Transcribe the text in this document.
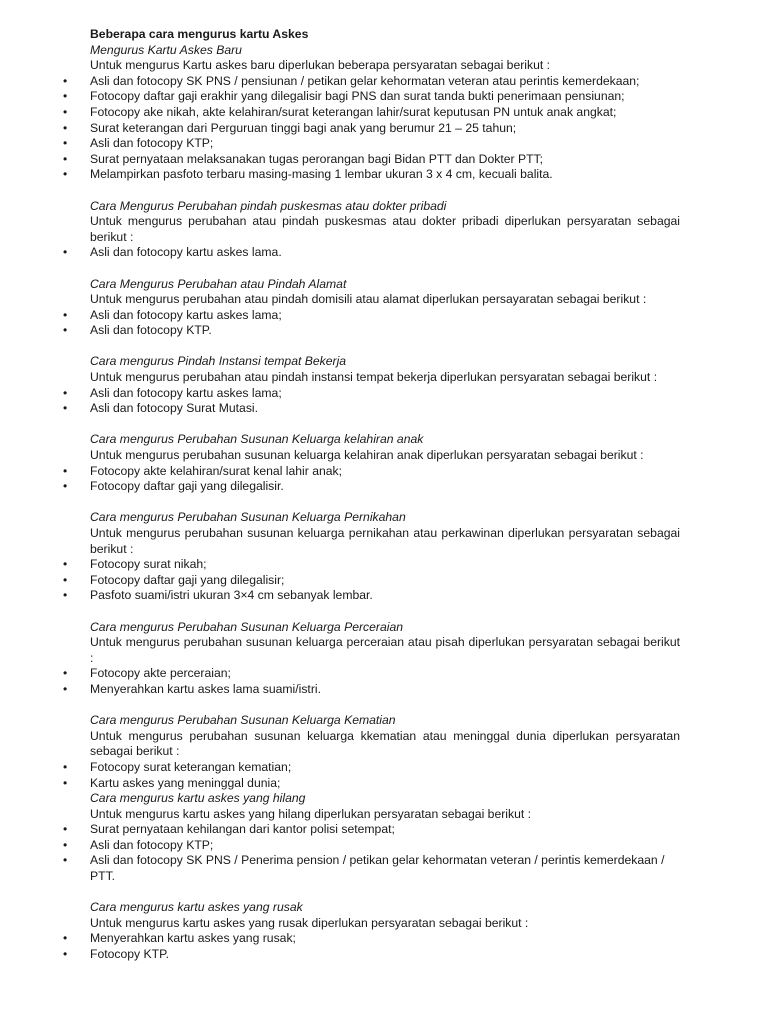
Beberapa cara mengurus kartu Askes
Mengurus Kartu Askes Baru
Untuk mengurus Kartu askes baru diperlukan beberapa persyaratan sebagai berikut :
• Asli dan fotocopy SK PNS / pensiunan / petikan gelar kehormatan veteran atau perintis kemerdekaan;
• Fotocopy daftar gaji erakhir yang dilegalisir bagi PNS dan surat tanda bukti penerimaan pensiunan;
• Fotocopy ake nikah, akte kelahiran/surat keterangan lahir/surat keputusan PN untuk anak angkat;
• Surat keterangan dari Perguruan tinggi bagi anak yang berumur 21 – 25 tahun;
• Asli dan fotocopy KTP;
• Surat pernyataan melaksanakan tugas perorangan bagi Bidan PTT dan Dokter PTT;
• Melampirkan pasfoto terbaru masing-masing 1 lembar ukuran 3 x 4 cm, kecuali balita.
Cara Mengurus Perubahan pindah puskesmas atau dokter pribadi
Untuk mengurus perubahan atau pindah puskesmas atau dokter pribadi diperlukan persyaratan sebagai berikut :
• Asli dan fotocopy kartu askes lama.
Cara Mengurus Perubahan atau Pindah Alamat
Untuk mengurus perubahan atau pindah domisili atau alamat diperlukan persayaratan sebagai berikut :
• Asli dan fotocopy kartu askes lama;
• Asli dan fotocopy KTP.
Cara mengurus Pindah Instansi tempat Bekerja
Untuk mengurus perubahan atau pindah instansi tempat bekerja diperlukan persyaratan sebagai berikut :
• Asli dan fotocopy kartu askes lama;
• Asli dan fotocopy Surat Mutasi.
Cara mengurus Perubahan Susunan Keluarga kelahiran anak
Untuk mengurus perubahan susunan keluarga kelahiran anak diperlukan persyaratan sebagai berikut :
• Fotocopy akte kelahiran/surat kenal lahir anak;
• Fotocopy daftar gaji yang dilegalisir.
Cara mengurus Perubahan Susunan Keluarga Pernikahan
Untuk mengurus perubahan susunan keluarga pernikahan atau perkawinan diperlukan persyaratan sebagai berikut :
• Fotocopy surat nikah;
• Fotocopy daftar gaji yang dilegalisir;
• Pasfoto suami/istri ukuran 3×4 cm sebanyak lembar.
Cara mengurus Perubahan Susunan Keluarga Perceraian
Untuk mengurus perubahan susunan keluarga perceraian atau pisah diperlukan persyaratan sebagai berikut :
• Fotocopy akte perceraian;
• Menyerahkan kartu askes lama suami/istri.
Cara mengurus Perubahan Susunan Keluarga Kematian
Untuk mengurus perubahan susunan keluarga kkematian atau meninggal dunia diperlukan persyaratan sebagai berikut :
• Fotocopy surat keterangan kematian;
• Kartu askes yang meninggal dunia;
Cara mengurus kartu askes yang hilang
Untuk mengurus kartu askes yang hilang diperlukan persyaratan sebagai berikut :
• Surat pernyataan kehilangan dari kantor polisi setempat;
• Asli dan fotocopy KTP;
• Asli dan fotocopy SK PNS / Penerima pension / petikan gelar kehormatan veteran / perintis kemerdekaan / PTT.
Cara mengurus kartu askes yang rusak
Untuk mengurus kartu askes yang rusak diperlukan persyaratan sebagai berikut :
• Menyerahkan kartu askes yang rusak;
• Fotocopy KTP.
